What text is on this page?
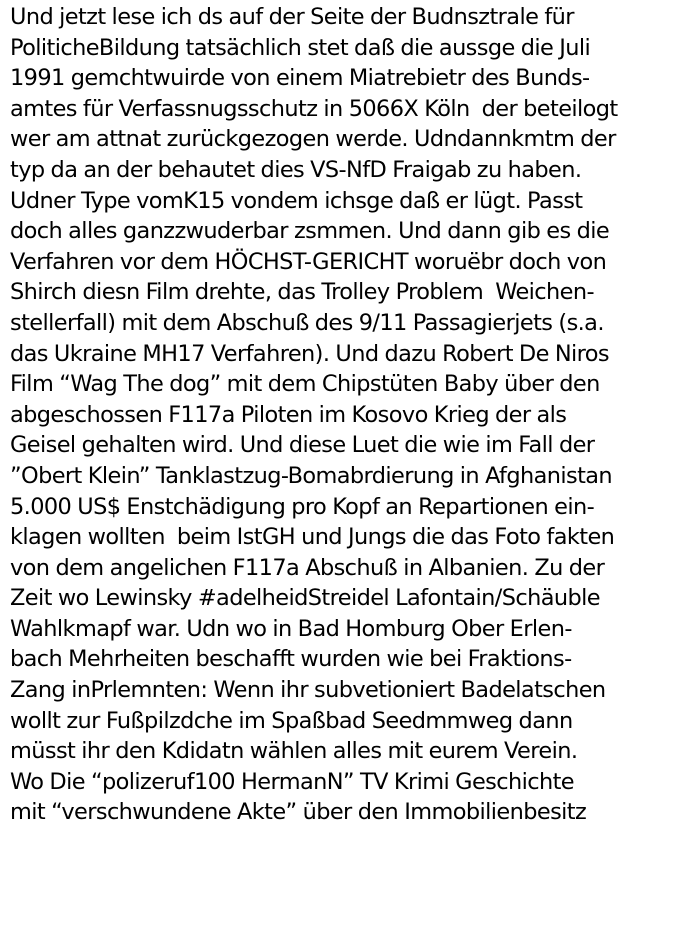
Und jetzt lese ich ds auf der Seite der Budnsztrale für
PoliticheBildung tatsächlich stet daß die aussge die Juli
1991 gemchtwuirde von einem Miatrebietr des Bunds-
amtes für Verfassnugsschutz in 5066X Köln  der beteilogt
wer am attnat zurückgezogen werde. Udndannkmtm der
typ da an der behautet dies VS-NfD Fraigab zu haben.
Udner Type vomK15 vondem ichsge daß er lügt. Passt
doch alles ganzzwuderbar zsmmen. Und dann gib es die
Verfahren vor dem HÖCHST-GERICHT woruëbr doch von
Shirch diesn Film drehte, das Trolley Problem  Weichen-
stellerfall) mit dem Abschuß des 9/11 Passagierjets (s.a.
das Ukraine MH17 Verfahren). Und dazu Robert De Niros
Film “Wag The dog” mit dem Chipstüten Baby über den
abgeschossen F117a Piloten im Kosovo Krieg der als
Geisel gehalten wird. Und diese Luet die wie im Fall der
”Obert Klein” Tanklastzug-Bomabrdierung in Afghanistan
5.000 US$ Enstchädigung pro Kopf an Repartionen ein-
klagen wollten  beim IstGH und Jungs die das Foto fakten
von dem angelichen F117a Abschuß in Albanien. Zu der
Zeit wo Lewinsky #adelheidStreidel Lafontain/Schäuble
Wahlkmapf war. Udn wo in Bad Homburg Ober Erlen-
bach Mehrheiten beschafft wurden wie bei Fraktions-
Zang inPrlemnten: Wenn ihr subvetioniert Badelatschen
wollt zur Fußpilzdche im Spaßbad Seedmmweg dann
müsst ihr den Kdidatn wählen alles mit eurem Verein.
Wo Die “polizeruf100 HermanN” TV Krimi Geschichte
mit “verschwundene Akte” über den Immobilienbesitz
